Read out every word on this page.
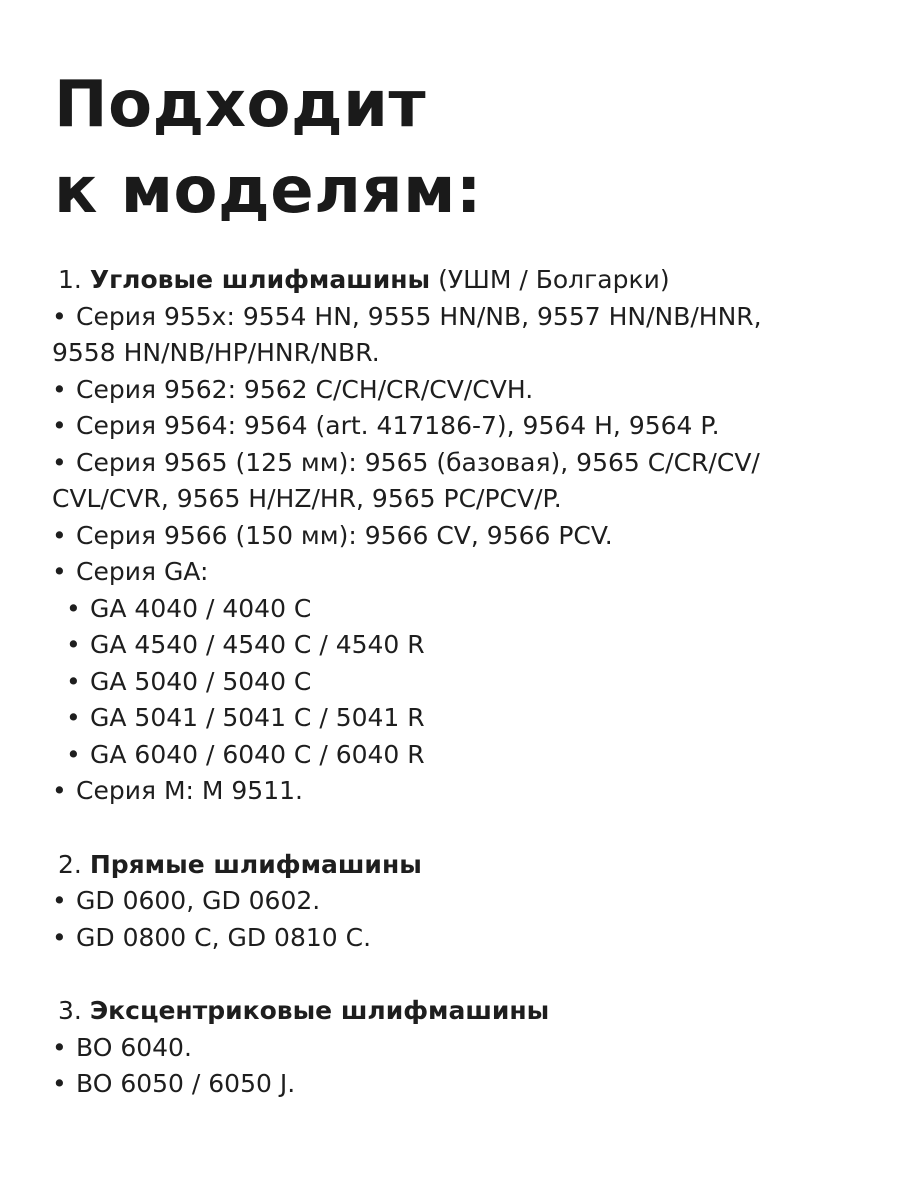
Подходит
к моделям:
1. Угловые шлифмашины (УШМ / Болгарки)
• Серия 955x: 9554 HN, 9555 HN/NB, 9557 HN/NB/HNR,
9558 HN/NB/HP/HNR/NBR.
• Серия 9562: 9562 C/CH/CR/CV/CVH.
• Серия 9564: 9564 (art. 417186-7), 9564 H, 9564 P.
• Серия 9565 (125 мм): 9565 (базовая), 9565 C/CR/CV/
CVL/CVR, 9565 H/HZ/HR, 9565 PC/PCV/P.
• Серия 9566 (150 мм): 9566 CV, 9566 PCV.
• Серия GA:
• GA 4040 / 4040 C
• GA 4540 / 4540 C / 4540 R
• GA 5040 / 5040 C
• GA 5041 / 5041 C / 5041 R
• GA 6040 / 6040 C / 6040 R
• Серия M: M 9511.
2. Прямые шлифмашины
• GD 0600, GD 0602.
• GD 0800 C, GD 0810 C.
3. Эксцентриковые шлифмашины
• BO 6040.
• BO 6050 / 6050 J.
